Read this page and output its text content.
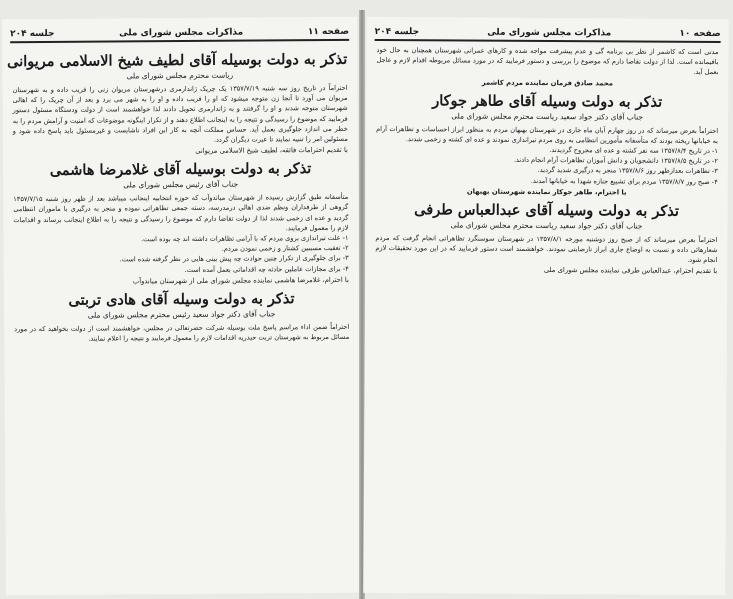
صفحه ۱۱
مذاکرات مجلس شورای ملی
جلسه ۲۰۴
تذکر به دولت بوسیله آقای لطیف شیخ الاسلامی مریوانی
ریاست محترم مجلس شورای ملی

احتراماً در تاریخ روز سه شنبه ۱۳۵۷/۷/۱۹ یک چریک ژاندارمری درشهرستان مریوان زنی را فریب داده و به شهرستان مریوان می آورد تا آنجا زن متوجه میشود که او را فریب داده و او را به شهر می برد و بعد از آن چریک را که اهالی شهرستان متوجه شدند و او را گرفتند و به ژاندارمری تحویل دادند لذا خواهشمند است از دولت ودستگاه مسئول دستور فرمایید که موضوع را رسیدگی و نتیجه را به اینجانب اطلاع دهند و از تکرار اینگونه موضوعات که امنیت و آرامش مردم را به خطر می اندازد جلوگیری بعمل آید. حساس مملکت آنچه به کار این افراد ناشایست و غیرمسئول باید پاسخ داده شود و مسئولین امر را تنبیه نمایند تا عبرت دیگران گردد.

با تقدیم احترامات فائقه، لطیف شیخ الاسلامی مریوانی
تذکر به دولت بوسیله آقای غلامرضا هاشمی
جناب آقای رئیس مجلس شورای ملی

متأسفانه طبق گزارش رسیده از شهرستان میاندوآب که حوزه انتخابیه اینجانب میباشد بعد از ظهر روز شنبه ۱۳۵۷/۷/۱۵ گروهی از طرفداران ونظم ضدی اهالی درمدرسه، دسته جمعی تظاهراتی نموده و منجر به درگیری با ماموران انتظامی گردید و عده ای زخمی شدند لذا از دولت تقاضا دارم که موضوع را رسیدگی و نتیجه را به اطلاع اینجانب برساند و اقدامات لازم را معمول فرمایند.

۱- علت تیراندازی بروی مردم که با آرامی تظاهرات داشته اند چه بوده است.
۲- تعقیب مسببین کشتار و زخمی نمودن مردم.
۳- برای جلوگیری از تکرار چنین حوادث چه پیش بینی هایی در نظر گرفته شده است.
۴- برای مجازات عاملین حادثه چه اقداماتی بعمل آمده است.
با احترام، غلامرضا هاشمی نماینده مجلس شورای ملی از شهرستان میاندوآب
تذکر به دولت وسیله آقای هادی تربتی
جناب آقای دکتر جواد سعید رئیس محترم مجلس شورای ملی

احتراماً ضمن اداء مراسم پاسخ ملت بوسیله شرکت حضرتعالی در مجلس، خواهشمند است از دولت بخواهید که در مورد مسائل مربوط به شهرستان تربت حیدریه اقدامات لازم را معمول فرمایند و نتیجه را اعلام نمایند.

صفحه ۱۰
مذاکرات مجلس شورای ملی
جلسه ۲۰۴

مدتی است که کاشمر از نظر بی برنامه گی و عدم پیشرفت مواجه شده و کارهای عمرانی شهرستان همچنان به حال خود باقیمانده است. لذا از دولت تقاضا دارم که موضوع را بررسی و دستور فرمایید که در مورد مسائل مربوطه اقدام لازم و عاجل بعمل آید.

محمد صادق فرمان نماینده مردم کاشمر
تذکر به دولت وسیله آقای طاهر جوکار
جناب آقای دکتر جواد سعید ریاست محترم مجلس شورای ملی

احتراماً بعرض میرساند که در روز چهارم آبان ماه جاری در شهرستان بهبهان مردم به منظور ابراز احساسات و تظاهرات آرام به خیابانها ریخته بودند که متأسفانه مأمورین انتظامی به روی مردم تیراندازی نمودند و عده ای کشته و زخمی شدند.

۱- در تاریخ ۱۳۵۷/۸/۴ سه نفر کشته و عده ای مجروح گردیدند.
۲- در تاریخ ۱۳۵۷/۸/۵ دانشجویان و دانش آموزان تظاهرات آرام انجام دادند.
۳- تظاهرات بعدازظهر روز ۱۳۵۷/۸/۶ منجر به درگیری شدید گردید.
۴- صبح روز ۱۳۵۷/۸/۷ مردم برای تشییع جنازه شهدا به خیابانها آمدند.
با احترام، طاهر جوکار نماینده شهرستان بهبهان
تذکر به دولت وسیله آقای عبدالعباس طرفی
جناب آقای دکتر جواد سعید ریاست محترم مجلس شورای ملی

احتراماً بعرض میرساند که از صبح روز دوشنبه مورخه ۱۳۵۷/۸/۱ در شهرستان سوسنگرد تظاهراتی انجام گرفت که مردم شعارهائی داده و نسبت به اوضاع جاری ابراز نارضایتی نمودند. خواهشمند است دستور فرمایید که در این مورد تحقیقات لازم انجام شود.

با تقدیم احترام، عبدالعباس طرفی نماینده مجلس شورای ملی
